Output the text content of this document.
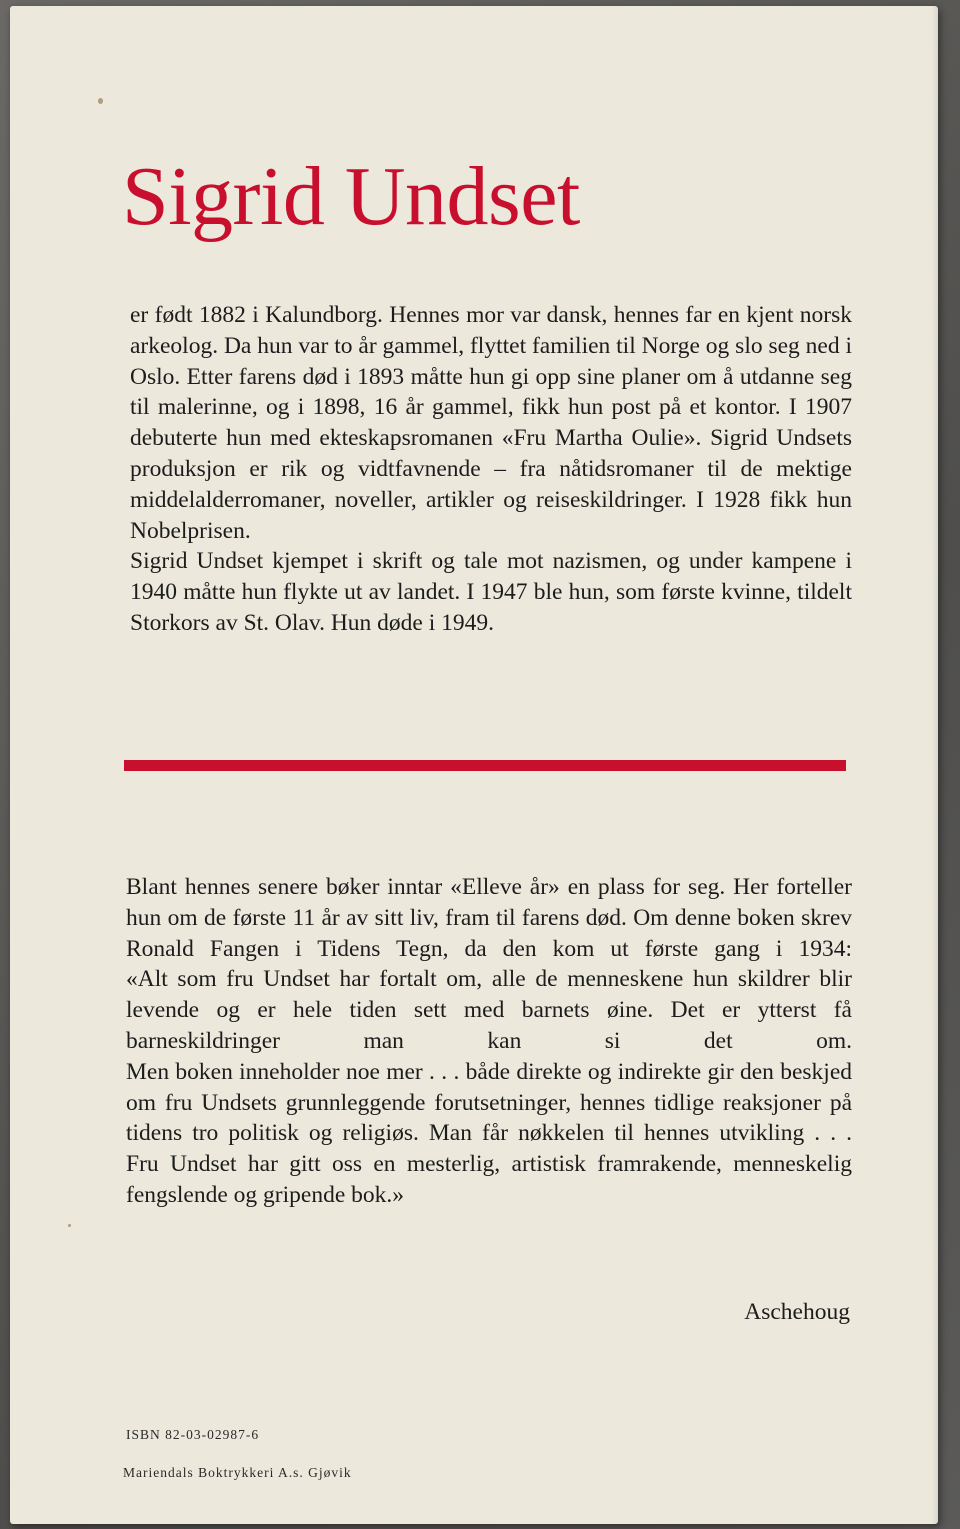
Sigrid Undset

er født 1882 i Kalundborg. Hennes mor var dansk, hennes far en kjent norsk arkeolog. Da hun var to år gammel, flyttet familien til Norge og slo seg ned i Oslo. Etter farens død i 1893 måtte hun gi opp sine planer om å utdanne seg til malerinne, og i 1898, 16 år gammel, fikk hun post på et kontor. I 1907 debuterte hun med ekteskapsromanen «Fru Martha Oulie». Sigrid Undsets produksjon er rik og vidtfavnende – fra nåtidsromaner til de mektige middelalderromaner, noveller, artikler og reiseskildringer. I 1928 fikk hun Nobelprisen.

Sigrid Undset kjempet i skrift og tale mot nazismen, og under kampene i 1940 måtte hun flykte ut av landet. I 1947 ble hun, som første kvinne, tildelt Storkors av St. Olav. Hun døde i 1949.

Blant hennes senere bøker inntar «Elleve år» en plass for seg. Her forteller hun om de første 11 år av sitt liv, fram til farens død. Om denne boken skrev Ronald Fangen i Tidens Tegn, da den kom ut første gang i 1934:

«Alt som fru Undset har fortalt om, alle de menneskene hun skildrer blir levende og er hele tiden sett med barnets øine. Det er ytterst få barneskildringer man kan si det om.

Men boken inneholder noe mer . . . både direkte og indirekte gir den beskjed om fru Undsets grunnleggende forutsetninger, hennes tidlige reaksjoner på tidens tro politisk og religiøs. Man får nøkkelen til hennes utvikling . . .

Fru Undset har gitt oss en mesterlig, artistisk framrakende, menneskelig fengslende og gripende bok.»

Aschehoug

ISBN 82-03-02987-6

Mariendals Boktrykkeri A.s. Gjøvik
